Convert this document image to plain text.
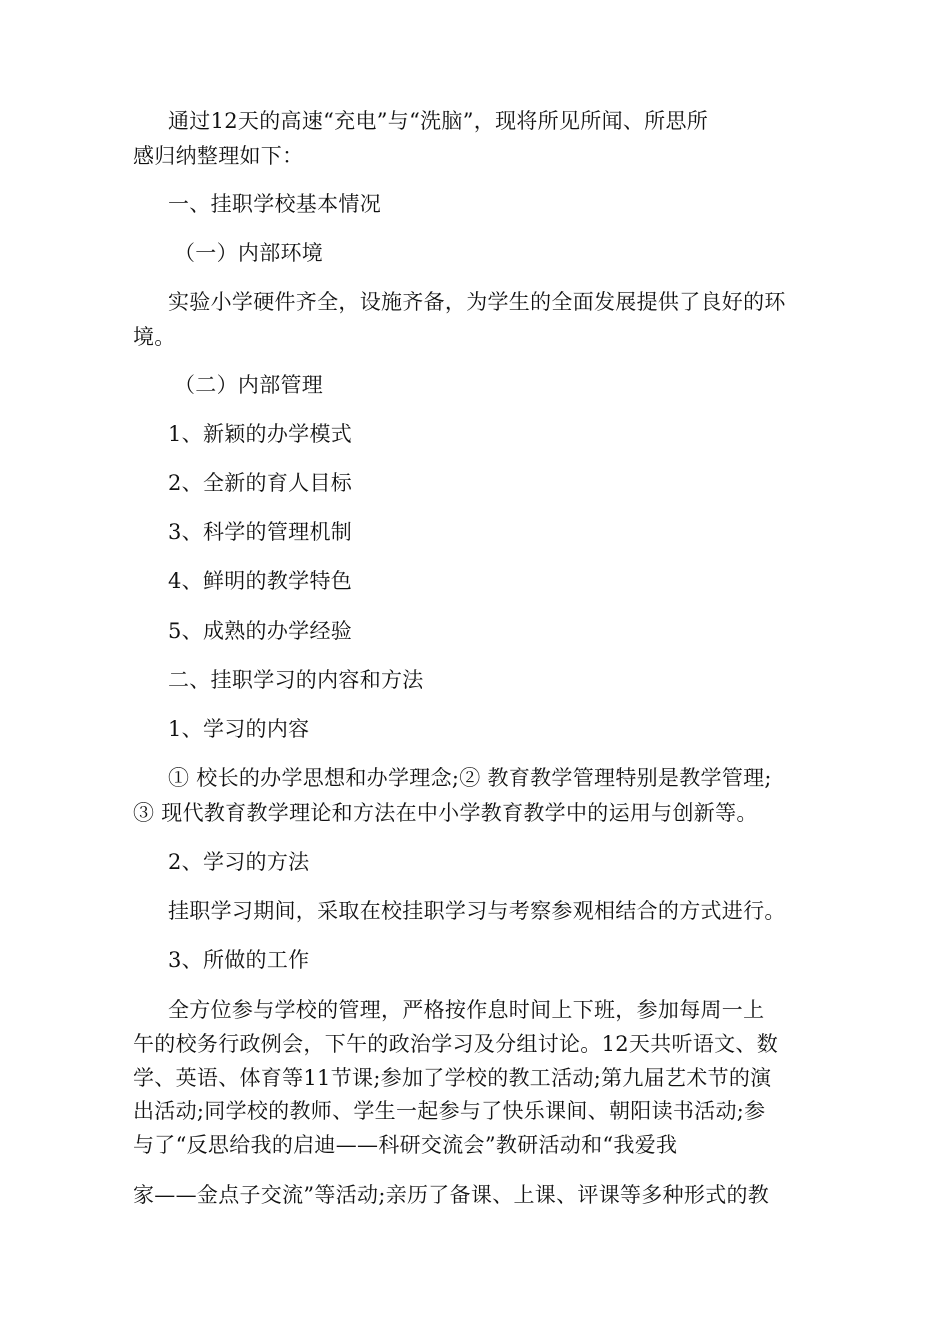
通过12天的高速“充电”与“洗脑”，现将所见所闻、所思所
感归纳整理如下：
一、挂职学校基本情况
（一）内部环境
实验小学硬件齐全，设施齐备，为学生的全面发展提供了良好的环
境。
（二）内部管理
1、新颖的办学模式
2、全新的育人目标
3、科学的管理机制
4、鲜明的教学特色
5、成熟的办学经验
二、挂职学习的内容和方法
1、学习的内容
① 校长的办学思想和办学理念;② 教育教学管理特别是教学管理;
③ 现代教育教学理论和方法在中小学教育教学中的运用与创新等。
2、学习的方法
挂职学习期间，采取在校挂职学习与考察参观相结合的方式进行。
3、所做的工作
全方位参与学校的管理，严格按作息时间上下班，参加每周一上
午的校务行政例会，下午的政治学习及分组讨论。12天共听语文、数
学、英语、体育等11节课;参加了学校的教工活动;第九届艺术节的演
出活动;同学校的教师、学生一起参与了快乐课间、朝阳读书活动;参
与了“反思给我的启迪——科研交流会”教研活动和“我爱我
家——金点子交流”等活动;亲历了备课、上课、评课等多种形式的教
